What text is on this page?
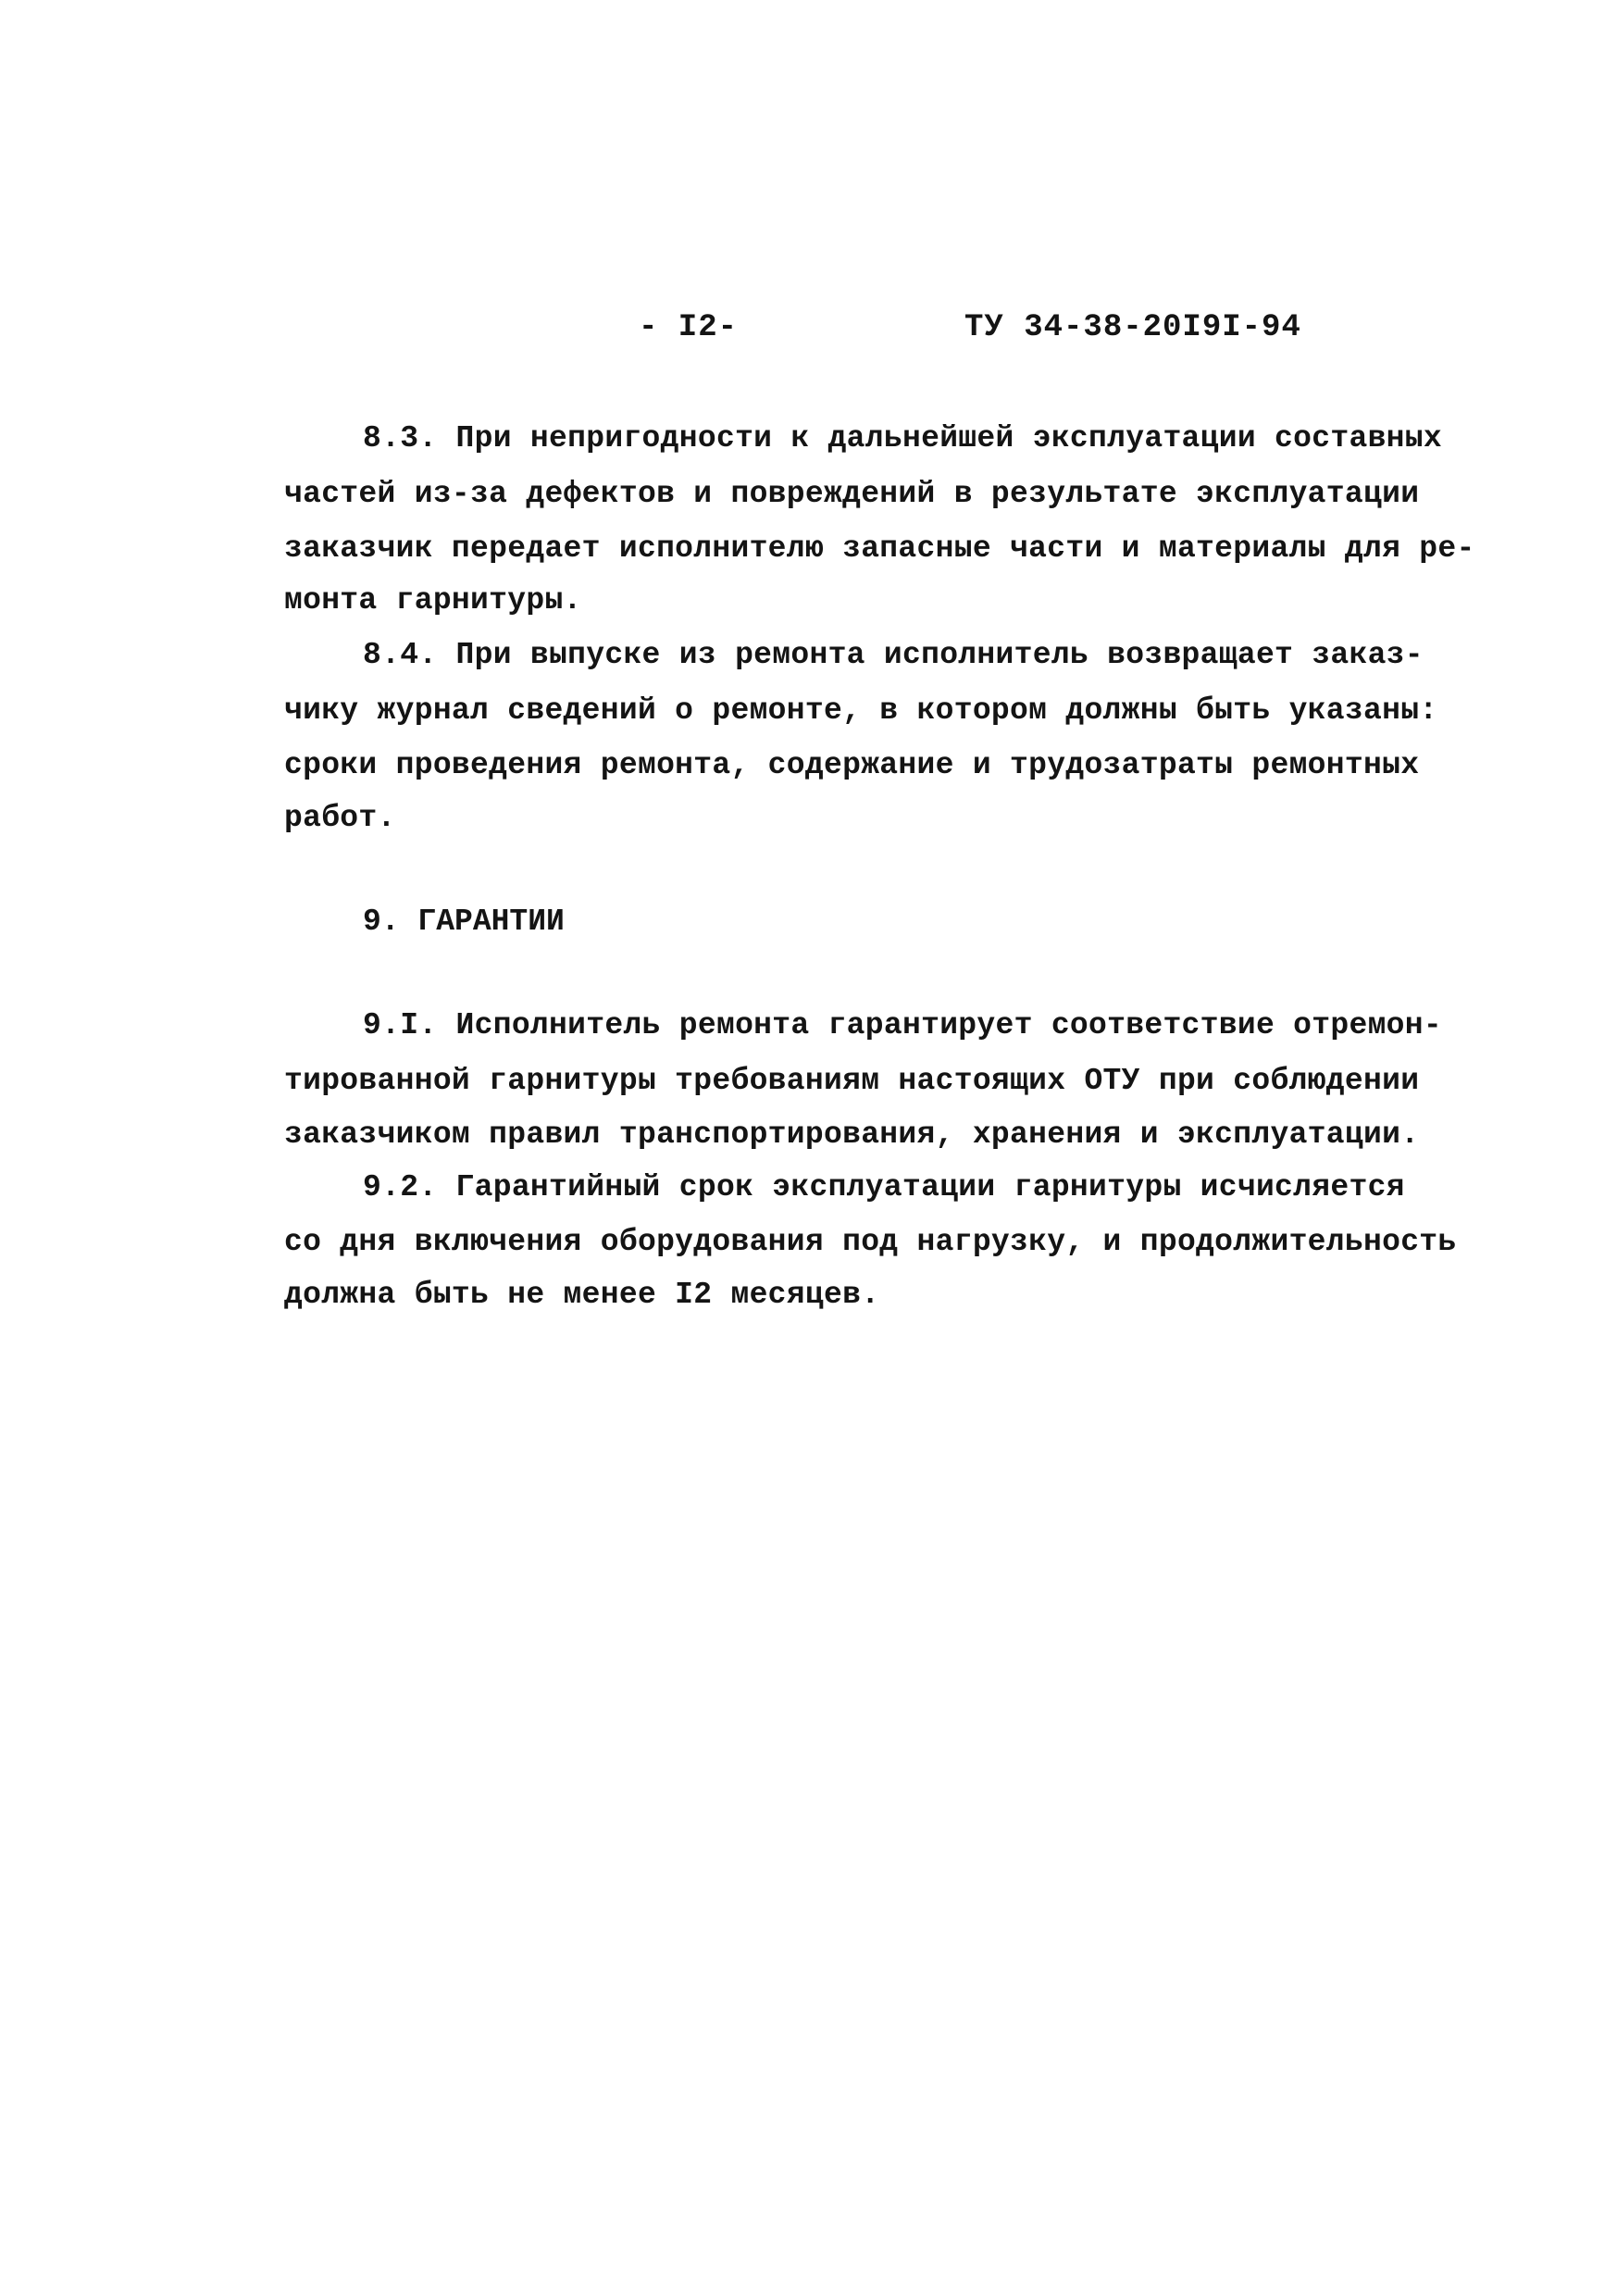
- I2-	ТУ 34-38-20I9I-94
8.3. При непригодности к дальнейшей эксплуатации составных
частей из-за дефектов и повреждений в результате эксплуатации
заказчик передает исполнителю запасные части и материалы для ре-
монта гарнитуры.
8.4. При выпуске из ремонта исполнитель возвращает заказ-
чику журнал сведений о ремонте, в котором должны быть указаны:
сроки проведения ремонта, содержание и трудозатраты ремонтных
работ.
9. ГАРАНТИИ
9.I. Исполнитель ремонта гарантирует соответствие отремон-
тированной гарнитуры требованиям настоящих ОТУ при соблюдении
заказчиком правил транспортирования, хранения и эксплуатации.
9.2. Гарантийный срок эксплуатации гарнитуры исчисляется
со дня включения оборудования под нагрузку, и продолжительность
должна быть не менее I2 месяцев.
